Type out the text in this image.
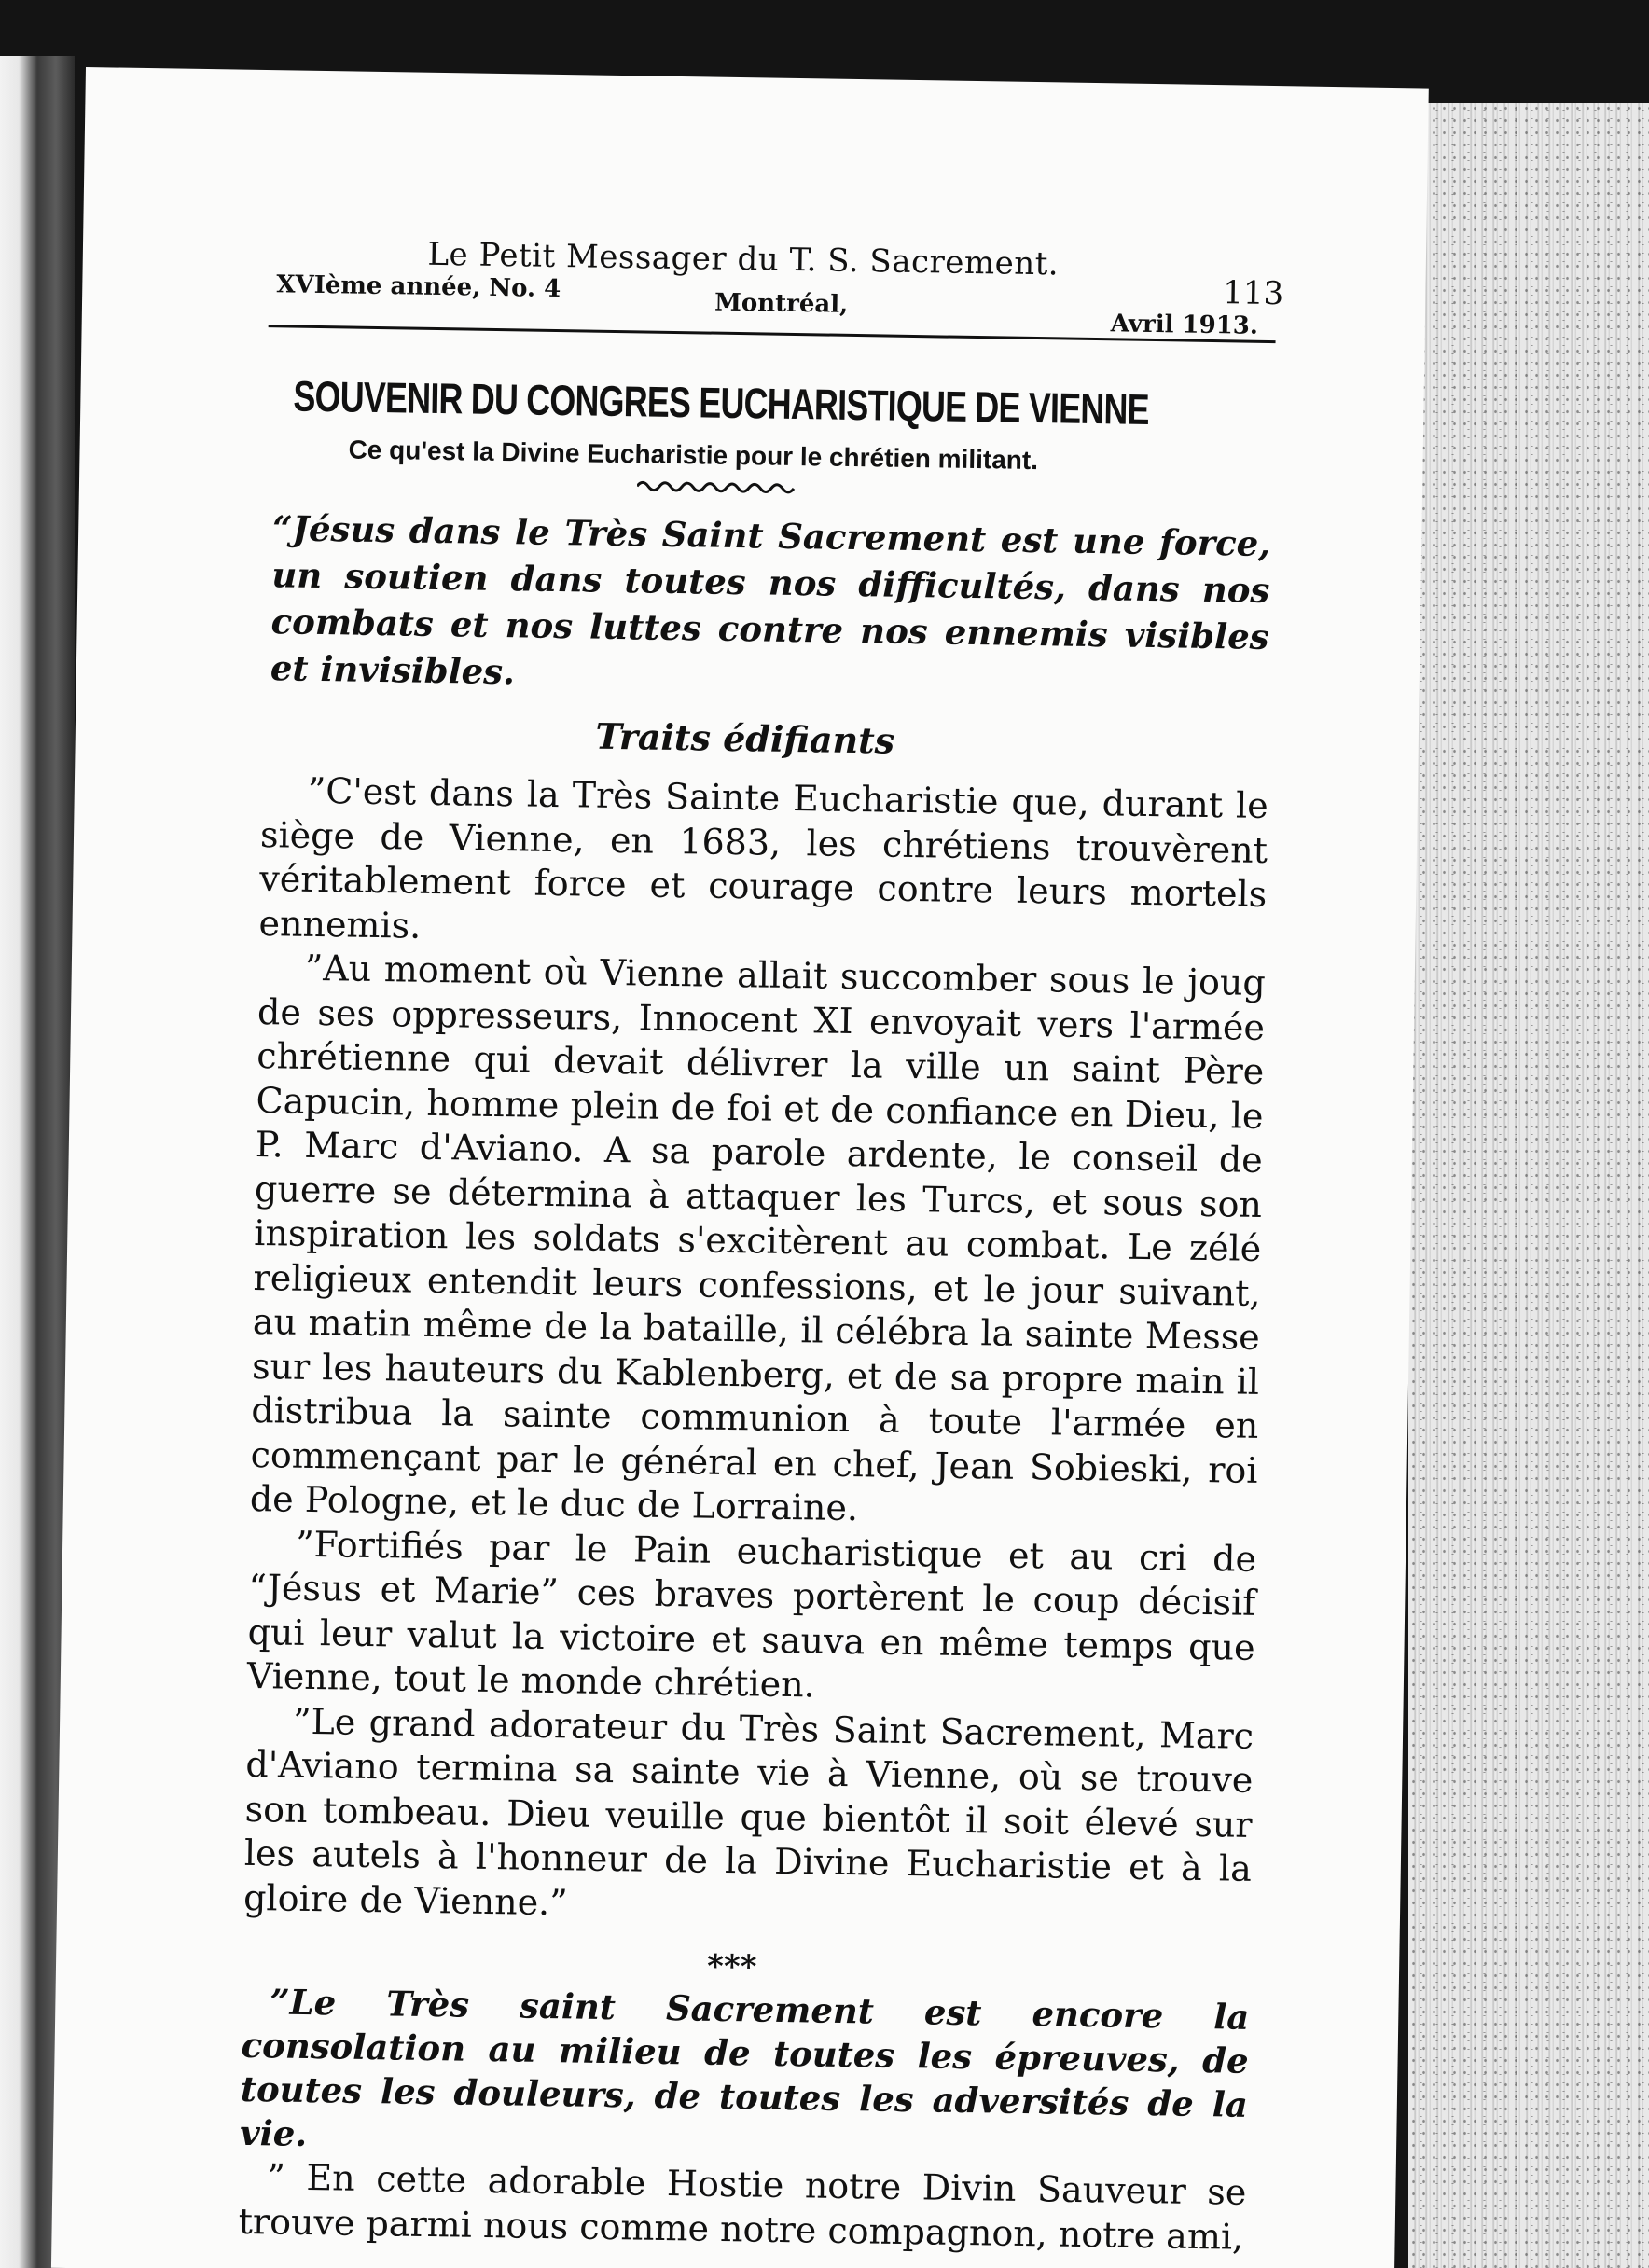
Le Petit Messager du T. S. Sacrement.
XVIème année, No. 4
Montréal,
Avril 1913.
113
SOUVENIR DU CONGRES EUCHARISTIQUE DE VIENNE
Ce qu'est la Divine Eucharistie pour le chrétien militant.
“Jésus dans le Très Saint Sacrement est une force, un soutien dans toutes nos difficultés, dans nos combats et nos luttes contre nos ennemis visibles et invisibles.
Traits édifiants
”C'est dans la Très Sainte Eucharistie que, durant le siège de Vienne, en 1683, les chrétiens trouvèrent véritablement force et courage contre leurs mortels ennemis.
”Au moment où Vienne allait succomber sous le joug de ses oppresseurs, Innocent XI envoyait vers l'armée chrétienne qui devait délivrer la ville un saint Père Capucin, homme plein de foi et de confiance en Dieu, le P. Marc d'Aviano. A sa parole ardente, le conseil de guerre se détermina à attaquer les Turcs, et sous son inspiration les soldats s'excitèrent au combat. Le zélé religieux entendit leurs confessions, et le jour suivant, au matin même de la bataille, il célébra la sainte Messe sur les hauteurs du Kablenberg, et de sa propre main il distribua la sainte communion à toute l'armée en commençant par le général en chef, Jean Sobieski, roi de Pologne, et le duc de Lorraine.
”Fortifiés par le Pain eucharistique et au cri de “Jésus et Marie” ces braves portèrent le coup décisif qui leur valut la victoire et sauva en même temps que Vienne, tout le monde chrétien.
”Le grand adorateur du Très Saint Sacrement, Marc d'Aviano termina sa sainte vie à Vienne, où se trouve son tombeau. Dieu veuille que bientôt il soit élevé sur les autels à l'honneur de la Divine Eucharistie et à la gloire de Vienne.”
***
”Le Très saint Sacrement est encore la consolation au milieu de toutes les épreuves, de toutes les douleurs, de toutes les adversités de la vie.
” En cette adorable Hostie notre Divin Sauveur se trouve parmi nous comme notre compagnon, notre ami,
